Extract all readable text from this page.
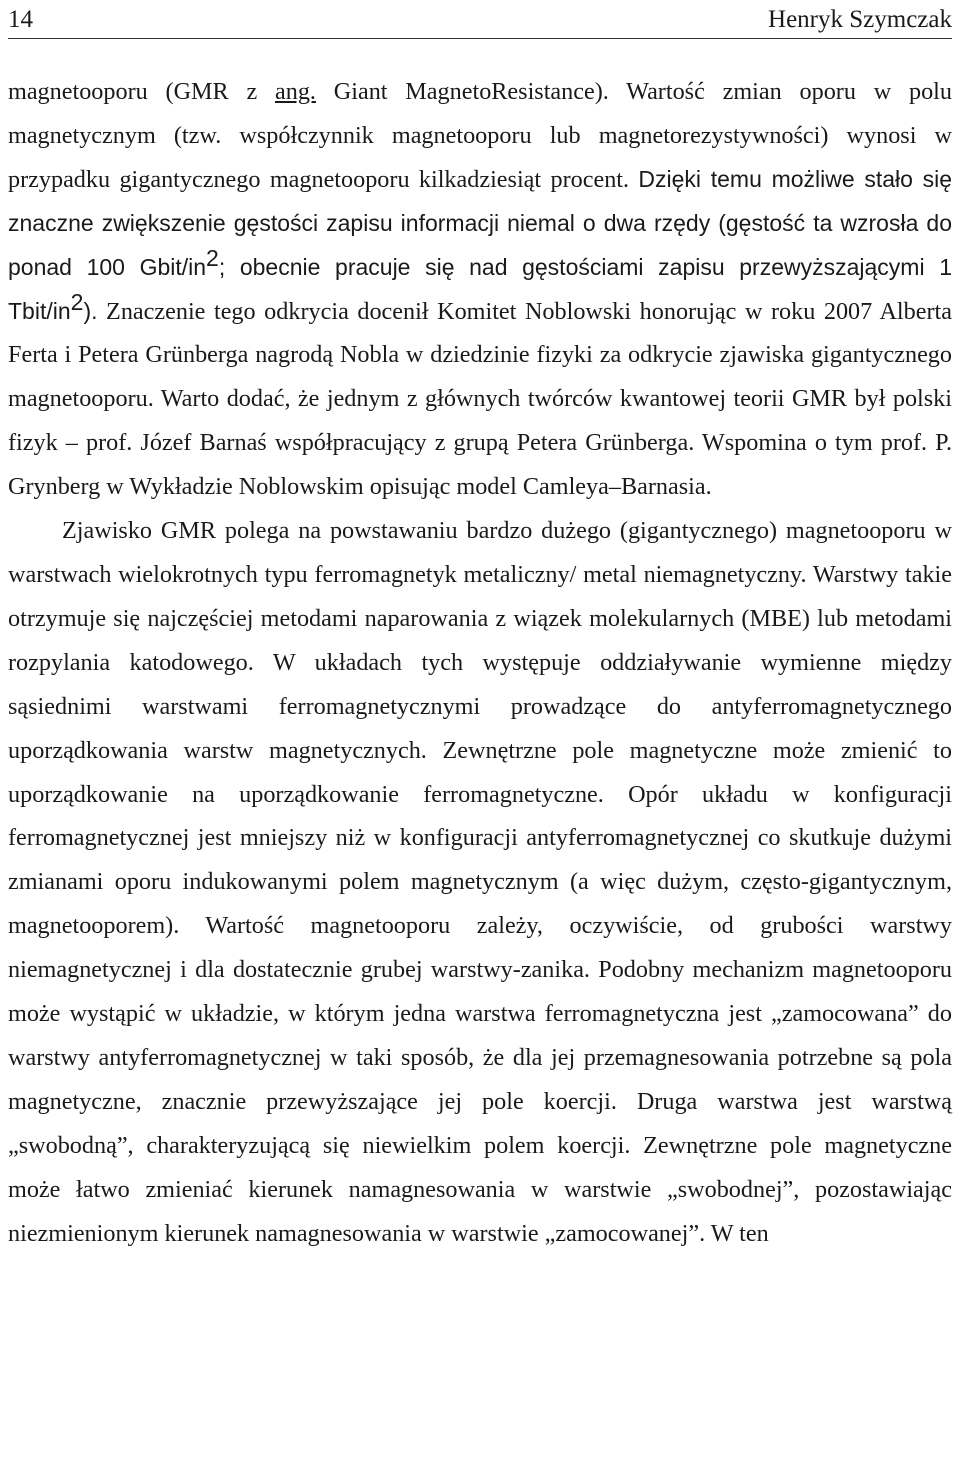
14	Henryk Szymczak

magnetooporu (GMR z ang. Giant MagnetoResistance). Wartość zmian oporu w polu magnetycznym (tzw. współczynnik magnetooporu lub magnetorezystywności) wynosi w przypadku gigantycznego magnetooporu kilkadziesiąt procent. Dzięki temu możliwe stało się znaczne zwiększenie gęstości zapisu informacji niemal o dwa rzędy (gęstość ta wzrosła do ponad 100 Gbit/$in^2$; obecnie pracuje się nad gęstościami zapisu przewyższającymi 1 Tbit/$in^2$). Znaczenie tego odkrycia docenił Komitet Noblowski honorując w roku 2007 Alberta Ferta i Petera Grünberga nagrodą Nobla w dziedzinie fizyki za odkrycie zjawiska gigantycznego magnetooporu. Warto dodać, że jednym z głównych twórców kwantowej teorii GMR był polski fizyk – prof. Józef Barnaś współpracujący z grupą Petera Grünberga. Wspomina o tym prof. P. Grynberg w Wykładzie Noblowskim opisując model Camleya–Barnasia.

Zjawisko GMR polega na powstawaniu bardzo dużego (gigantycznego) magnetooporu w warstwach wielokrotnych typu ferromagnetyk metaliczny/ metal niemagnetyczny. Warstwy takie otrzymuje się najczęściej metodami naparowania z wiązek molekularnych (MBE) lub metodami rozpylania katodowego. W układach tych występuje oddziaływanie wymienne między sąsiednimi warstwami ferromagnetycznymi prowadzące do antyferromagnetycznego uporządkowania warstw magnetycznych. Zewnętrzne pole magnetyczne może zmienić to uporządkowanie na uporządkowanie ferromagnetyczne. Opór układu w konfiguracji ferromagnetycznej jest mniejszy niż w konfiguracji antyferromagnetycznej co skutkuje dużymi zmianami oporu indukowanymi polem magnetycznym (a więc dużym, często-gigantycznym, magnetooporem). Wartość magnetooporu zależy, oczywiście, od grubości warstwy niemagnetycznej i dla dostatecznie grubej warstwy-zanika. Podobny mechanizm magnetooporu może wystąpić w układzie, w którym jedna warstwa ferromagnetyczna jest „zamocowana” do warstwy antyferromagnetycznej w taki sposób, że dla jej przemagnesowania potrzebne są pola magnetyczne, znacznie przewyższające jej pole koercji. Druga warstwa jest warstwą „swobodną”, charakteryzującą się niewielkim polem koercji. Zewnętrzne pole magnetyczne może łatwo zmieniać kierunek namagnesowania w warstwie „swobodnej”, pozostawiając niezmienionym kierunek namagnesowania w warstwie „zamocowanej”. W ten
